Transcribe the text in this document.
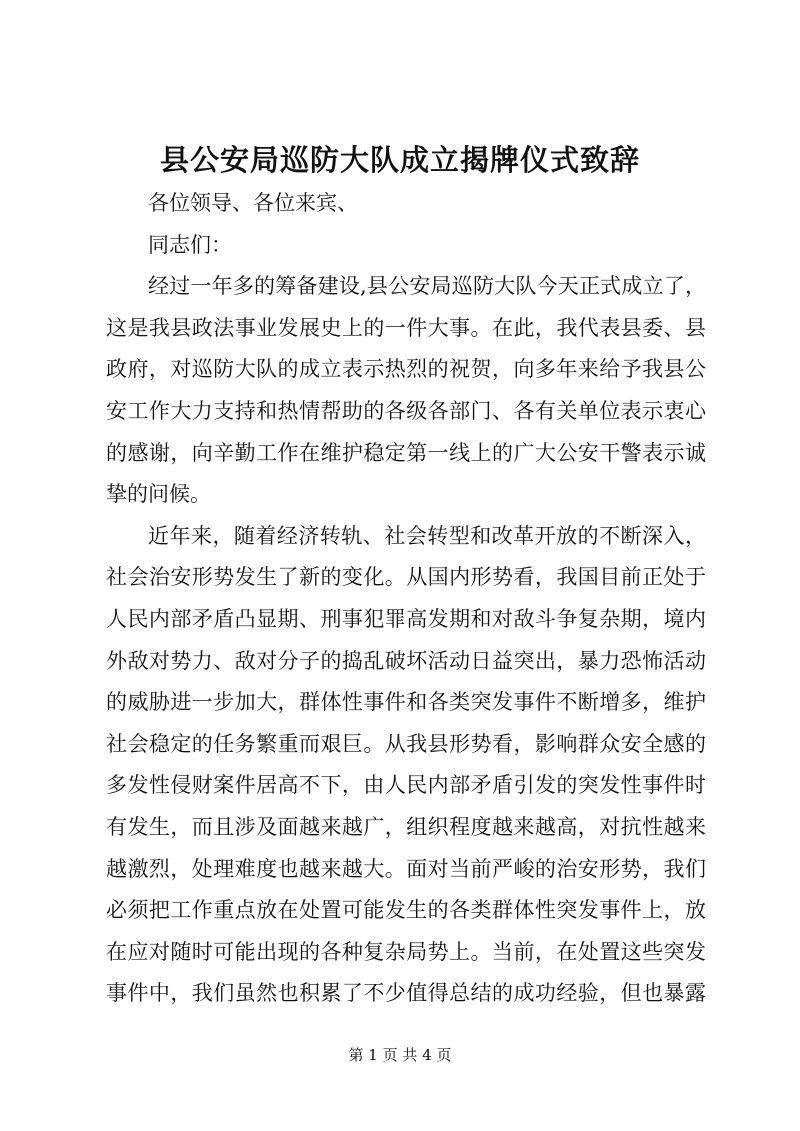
县公安局巡防大队成立揭牌仪式致辞
各位领导、各位来宾、
同志们：
经过一年多的筹备建设,县公安局巡防大队今天正式成立了，
这是我县政法事业发展史上的一件大事。在此，我代表县委、县
政府，对巡防大队的成立表示热烈的祝贺，向多年来给予我县公
安工作大力支持和热情帮助的各级各部门、各有关单位表示衷心
的感谢，向辛勤工作在维护稳定第一线上的广大公安干警表示诚
挚的问候。
近年来，随着经济转轨、社会转型和改革开放的不断深入，
社会治安形势发生了新的变化。从国内形势看，我国目前正处于
人民内部矛盾凸显期、刑事犯罪高发期和对敌斗争复杂期，境内
外敌对势力、敌对分子的捣乱破坏活动日益突出，暴力恐怖活动
的威胁进一步加大，群体性事件和各类突发事件不断增多，维护
社会稳定的任务繁重而艰巨。从我县形势看，影响群众安全感的
多发性侵财案件居高不下，由人民内部矛盾引发的突发性事件时
有发生，而且涉及面越来越广，组织程度越来越高，对抗性越来
越激烈，处理难度也越来越大。面对当前严峻的治安形势，我们
必须把工作重点放在处置可能发生的各类群体性突发事件上，放
在应对随时可能出现的各种复杂局势上。当前，在处置这些突发
事件中，我们虽然也积累了不少值得总结的成功经验，但也暴露
第 1 页 共 4 页
